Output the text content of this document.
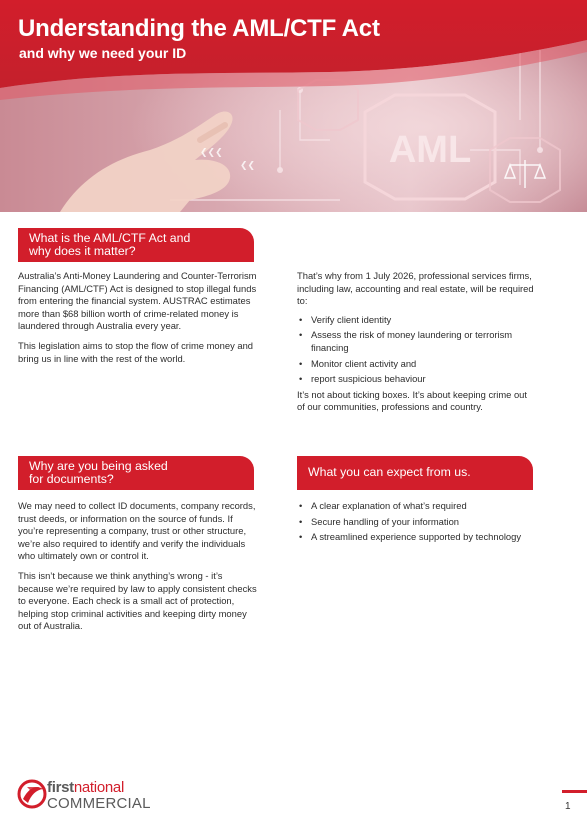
❮❮❮
❮❮	AML
Understanding the AML/CTF Act
and why we need your ID
What is the AML/CTF Act and
why does it matter?

Australia’s Anti-Money Laundering and Counter-Terrorism Financing (AML/CTF) Act is designed to stop illegal funds from entering the financial system. AUSTRAC estimates more than $68 billion worth of crime-related money is laundered through Australia every year.

This legislation aims to stop the flow of crime money and bring us in line with the rest of the world.

That’s why from 1 July 2026, professional services firms, including law, accounting and real estate, will be required to:

• Verify client identity
• Assess the risk of money laundering or terrorism financing
• Monitor client activity and
• report suspicious behaviour

It’s not about ticking boxes. It’s about keeping crime out of our communities, professions and country.

Why are you being asked
for documents?

We may need to collect ID documents, company records, trust deeds, or information on the source of funds. If you’re representing a company, trust or other structure, we’re also required to identify and verify the individuals who ultimately own or control it.

This isn’t because we think anything’s wrong - it’s because we’re required by law to apply consistent checks to everyone. Each check is a small act of protection, helping stop criminal activities and keeping dirty money out of Australia.

What you can expect from us.
• A clear explanation of what’s required
• Secure handling of your information
• A streamlined experience supported by technology
firstnational
COMMERCIAL	1
